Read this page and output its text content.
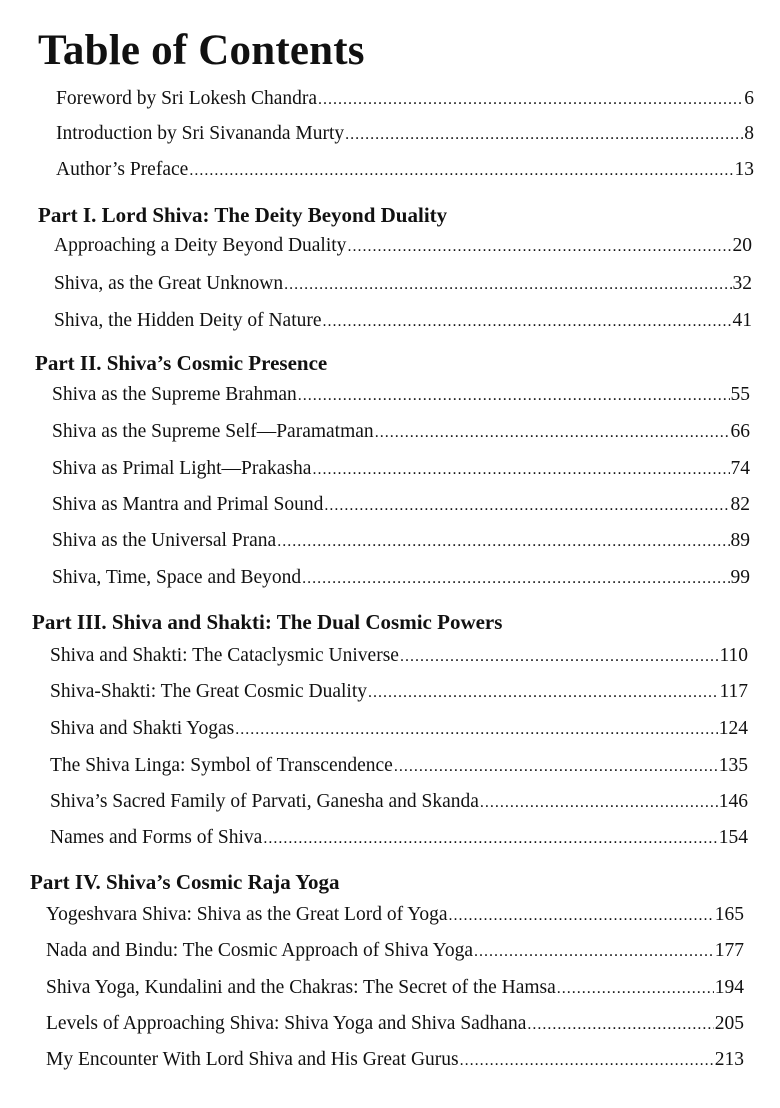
Table of Contents
Foreword by Sri Lokesh Chandra .....	6
Introduction by Sri Sivananda Murty .....	8
Author’s Preface .....	13
Part I. Lord Shiva: The Deity Beyond Duality
Approaching a Deity Beyond Duality .....	20
Shiva, as the Great Unknown .....	32
Shiva, the Hidden Deity of Nature .....	41
Part II. Shiva’s Cosmic Presence
Shiva as the Supreme Brahman .....	55
Shiva as the Supreme Self—Paramatman .....	66
Shiva as Primal Light—Prakasha .....	74
Shiva as Mantra and Primal Sound .....	82
Shiva as the Universal Prana .....	89
Shiva, Time, Space and Beyond .....	99
Part III. Shiva and Shakti: The Dual Cosmic Powers
Shiva and Shakti: The Cataclysmic Universe .....	110
Shiva-Shakti: The Great Cosmic Duality .....	117
Shiva and Shakti Yogas .....	124
The Shiva Linga: Symbol of Transcendence .....	135
Shiva’s Sacred Family of Parvati, Ganesha and Skanda .....	146
Names and Forms of Shiva .....	154
Part IV. Shiva’s Cosmic Raja Yoga
Yogeshvara Shiva: Shiva as the Great Lord of Yoga .....	165
Nada and Bindu: The Cosmic Approach of Shiva Yoga .....	177
Shiva Yoga, Kundalini and the Chakras: The Secret of the Hamsa .....	194
Levels of Approaching Shiva: Shiva Yoga and Shiva Sadhana .....	205
My Encounter With Lord Shiva and His Great Gurus .....	213
